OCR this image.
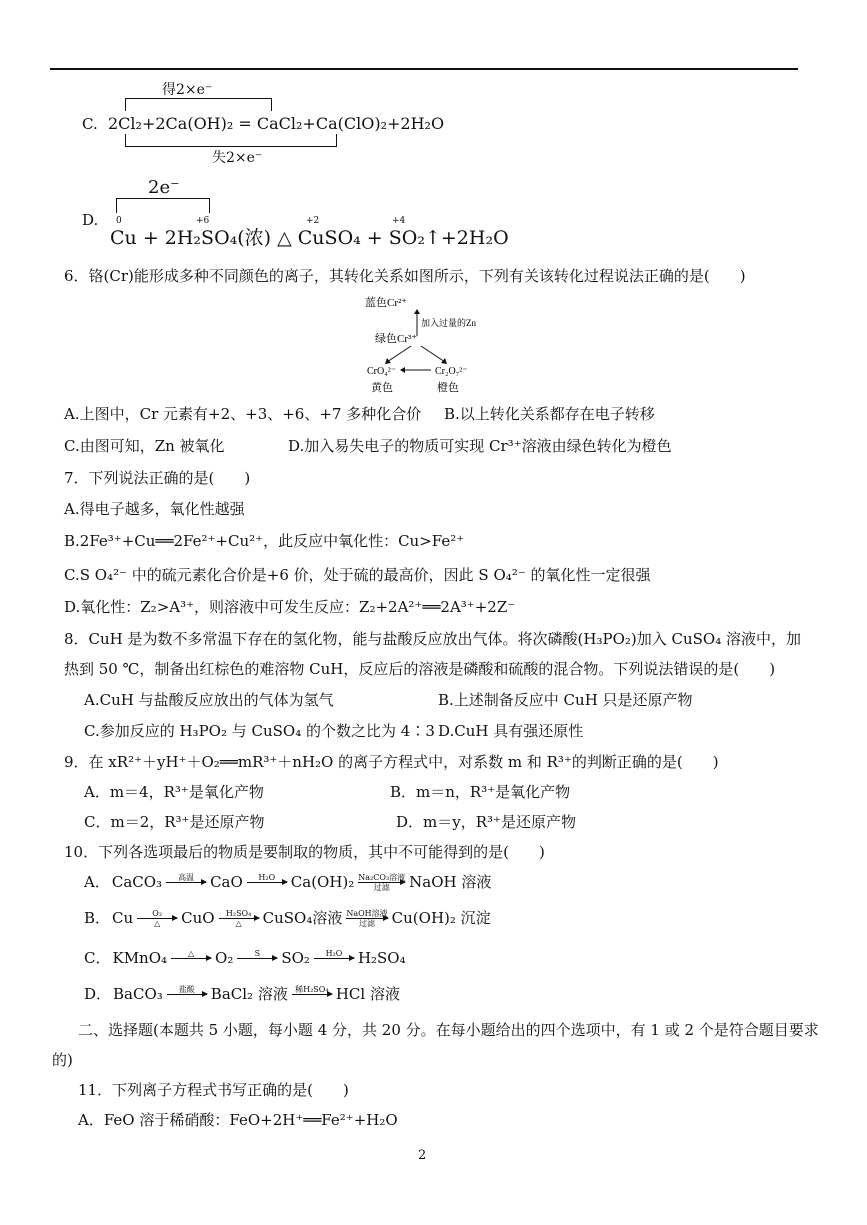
得2×e⁻
C. 2Cl₂+2Ca(OH)₂ = CaCl₂+Ca(ClO)₂+2H₂O
失2×e⁻
2e⁻
D. 0	+6	+2	+4
Cu + 2H₂SO₄(浓) △ CuSO₄ + SO₂↑+2H₂O
6．铬(Cr)能形成多种不同颜色的离子，其转化关系如图所示，下列有关该转化过程说法正确的是(　　)
蓝色Cr²⁺
加入过量的Zn
绿色Cr³⁺
CrO₄²⁻	Cr₂O₇²⁻
黄色	橙色
A.上图中，Cr 元素有+2、+3、+6、+7 多种化合价 B.以上转化关系都存在电子转移
C.由图可知，Zn 被氧化	D.加入易失电子的物质可实现 Cr³⁺溶液由绿色转化为橙色
7．下列说法正确的是(　　)
A.得电子越多，氧化性越强
B.2Fe³⁺+Cu══2Fe²⁺+Cu²⁺，此反应中氧化性：Cu>Fe²⁺
C.S O₄²⁻ 中的硫元素化合价是+6 价，处于硫的最高价，因此 S O₄²⁻ 的氧化性一定很强
D.氧化性：Z₂>A³⁺，则溶液中可发生反应：Z₂+2A²⁺══2A³⁺+2Z⁻
8．CuH 是为数不多常温下存在的氢化物，能与盐酸反应放出气体。将次磷酸(H₃PO₂)加入 CuSO₄ 溶液中，加
热到 50 ℃，制备出红棕色的难溶物 CuH，反应后的溶液是磷酸和硫酸的混合物。下列说法错误的是(　　)
A.CuH 与盐酸反应放出的气体为氢气	B.上述制备反应中 CuH 只是还原产物
C.参加反应的 H₃PO₂ 与 CuSO₄ 的个数之比为 4∶3 D.CuH 具有强还原性
9．在 xR²⁺＋yH⁺＋O₂══mR³⁺＋nH₂O 的离子方程式中，对系数 m 和 R³⁺的判断正确的是(　　)
A．m＝4，R³⁺是氧化产物	B．m＝n，R³⁺是氧化产物
C．m＝2，R³⁺是还原产物	D．m＝y，R³⁺是还原产物
10．下列各选项最后的物质是要制取的物质，其中不可能得到的是(　　)
A． CaCO₃ 高温 CaO H₂O Ca(OH)₂ Na₂CO₃溶液
过滤 NaOH 溶液
B． Cu O₂
△ CuO H₂SO₄
△ CuSO₄溶液 NaOH溶液
过滤 Cu(OH)₂ 沉淀
C． KMnO₄	△ O₂	S SO₂ H₂O H₂SO₄
D． BaCO₃ 盐酸 BaCl₂ 溶液 稀H₂SO₄ HCl 溶液
二、选择题(本题共 5 小题，每小题 4 分，共 20 分。在每小题给出的四个选项中，有 1 或 2 个是符合题目要求
的)
11．下列离子方程式书写正确的是(　　)
A．FeO 溶于稀硝酸：FeO+2H⁺══Fe²⁺+H₂O
2
